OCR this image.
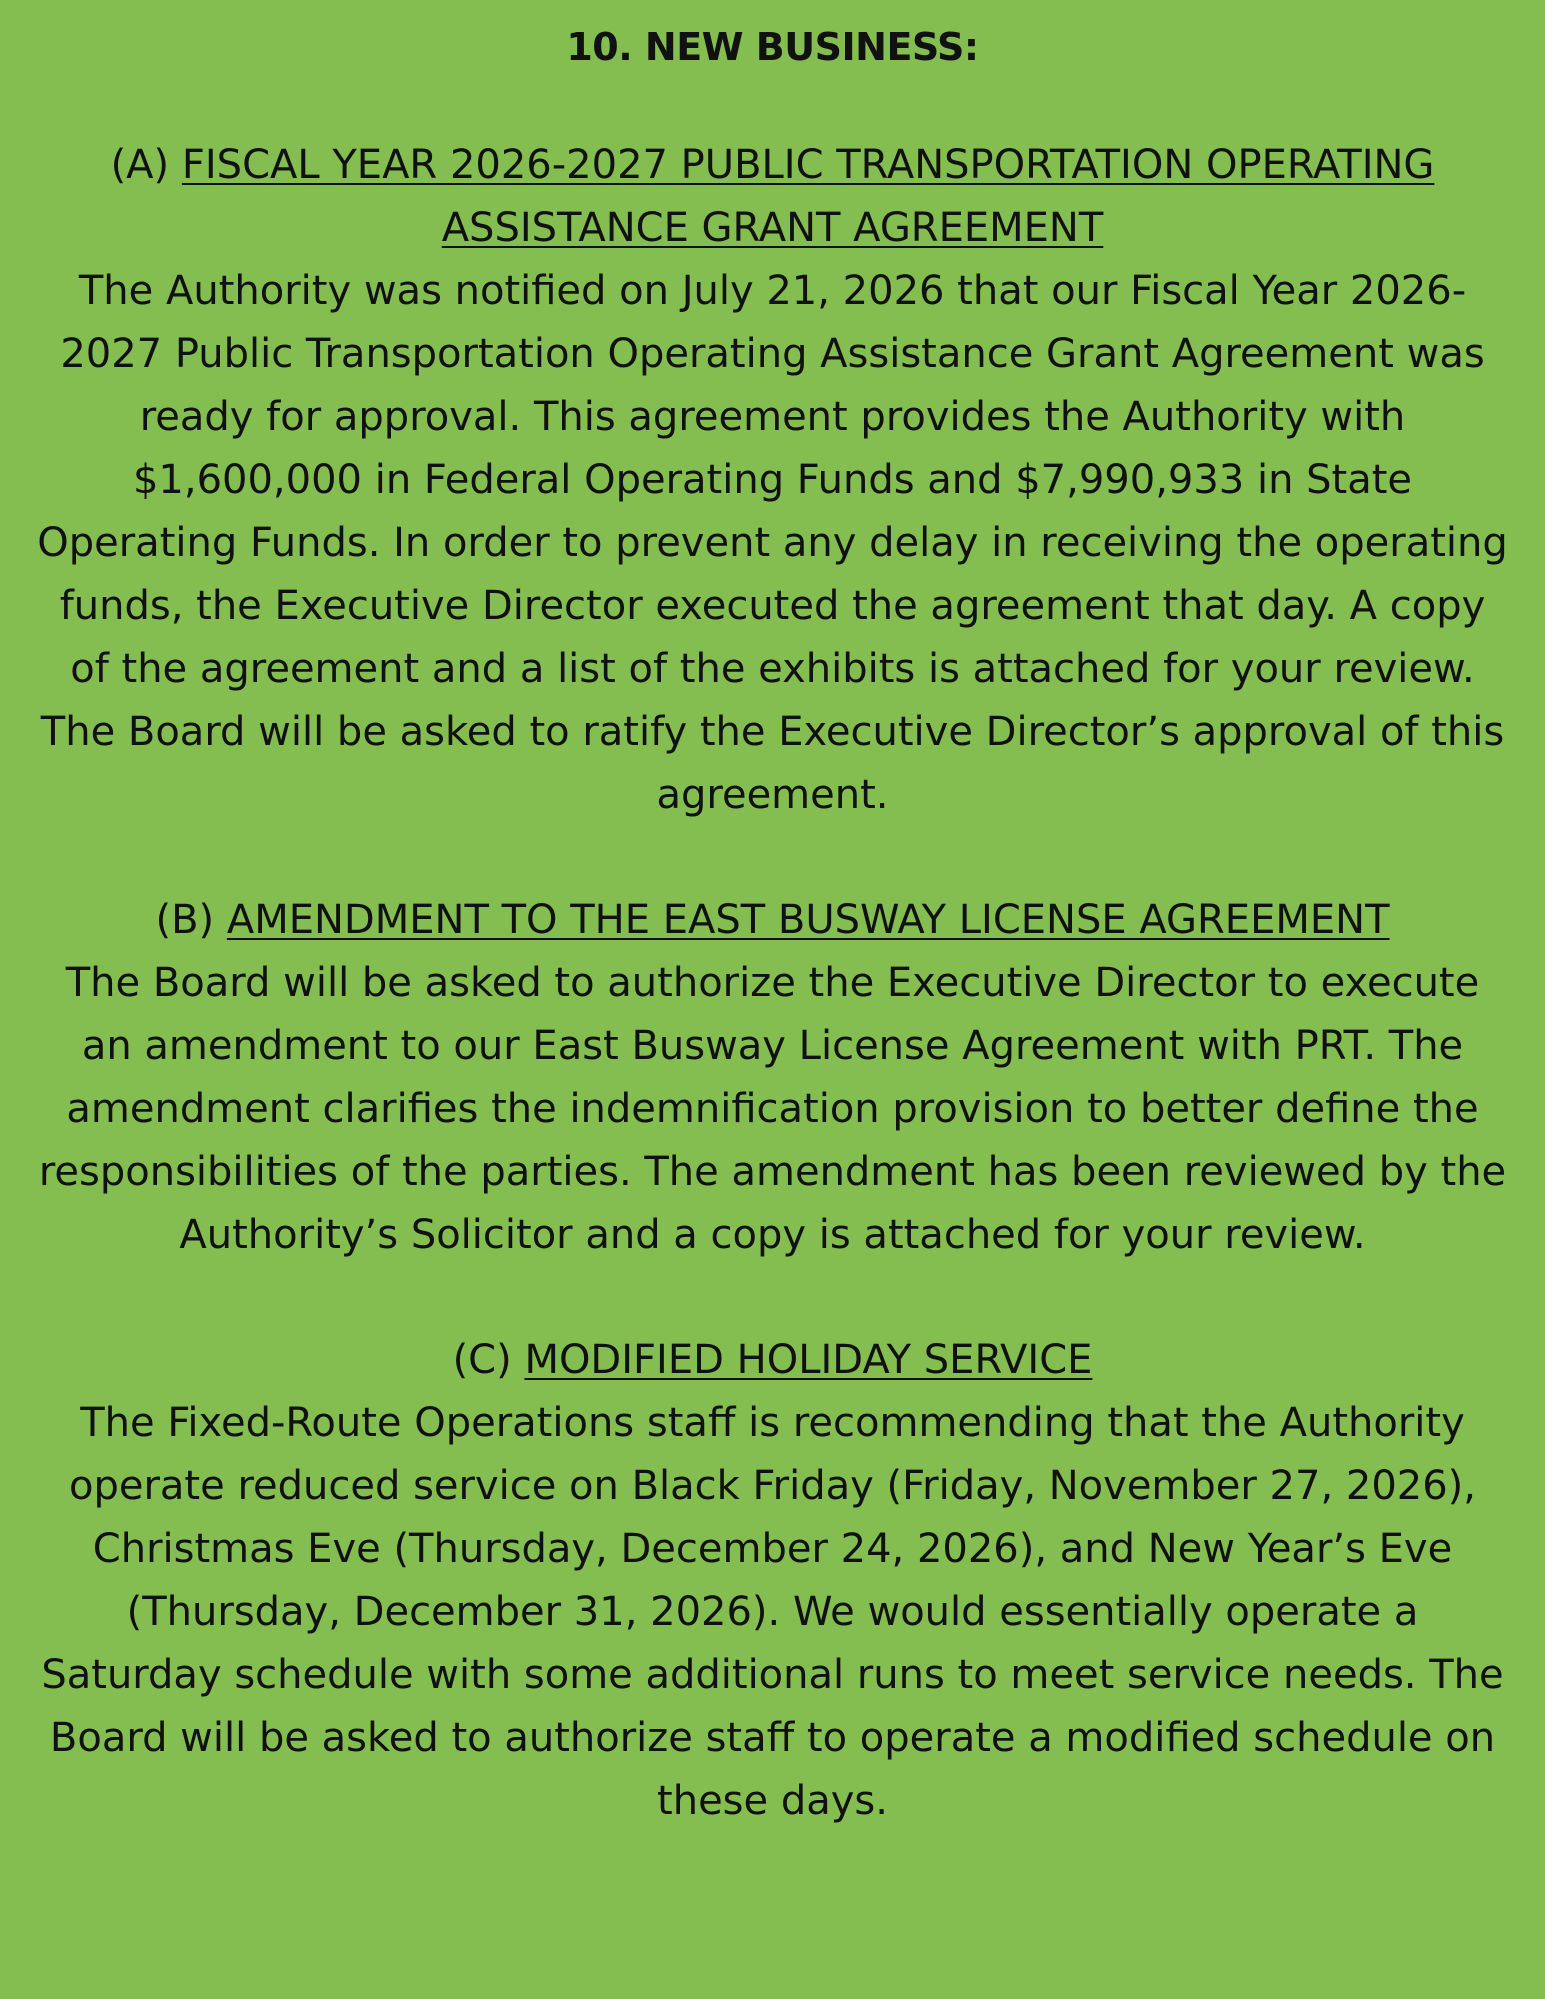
10. NEW BUSINESS:

(A) FISCAL YEAR 2026-2027 PUBLIC TRANSPORTATION OPERATING ASSISTANCE GRANT AGREEMENT

The Authority was notified on July 21, 2026 that our Fiscal Year 2026-2027 Public Transportation Operating Assistance Grant Agreement was ready for approval. This agreement provides the Authority with $1,600,000 in Federal Operating Funds and $7,990,933 in State Operating Funds. In order to prevent any delay in receiving the operating funds, the Executive Director executed the agreement that day. A copy of the agreement and a list of the exhibits is attached for your review.

The Board will be asked to ratify the Executive Director’s approval of this agreement.

(B) AMENDMENT TO THE EAST BUSWAY LICENSE AGREEMENT

The Board will be asked to authorize the Executive Director to execute an amendment to our East Busway License Agreement with PRT. The amendment clarifies the indemnification provision to better define the responsibilities of the parties. The amendment has been reviewed by the Authority’s Solicitor and a copy is attached for your review.

(C) MODIFIED HOLIDAY SERVICE

The Fixed-Route Operations staff is recommending that the Authority operate reduced service on Black Friday (Friday, November 27, 2026), Christmas Eve (Thursday, December 24, 2026), and New Year’s Eve (Thursday, December 31, 2026). We would essentially operate a Saturday schedule with some additional runs to meet service needs. The Board will be asked to authorize staff to operate a modified schedule on these days.
